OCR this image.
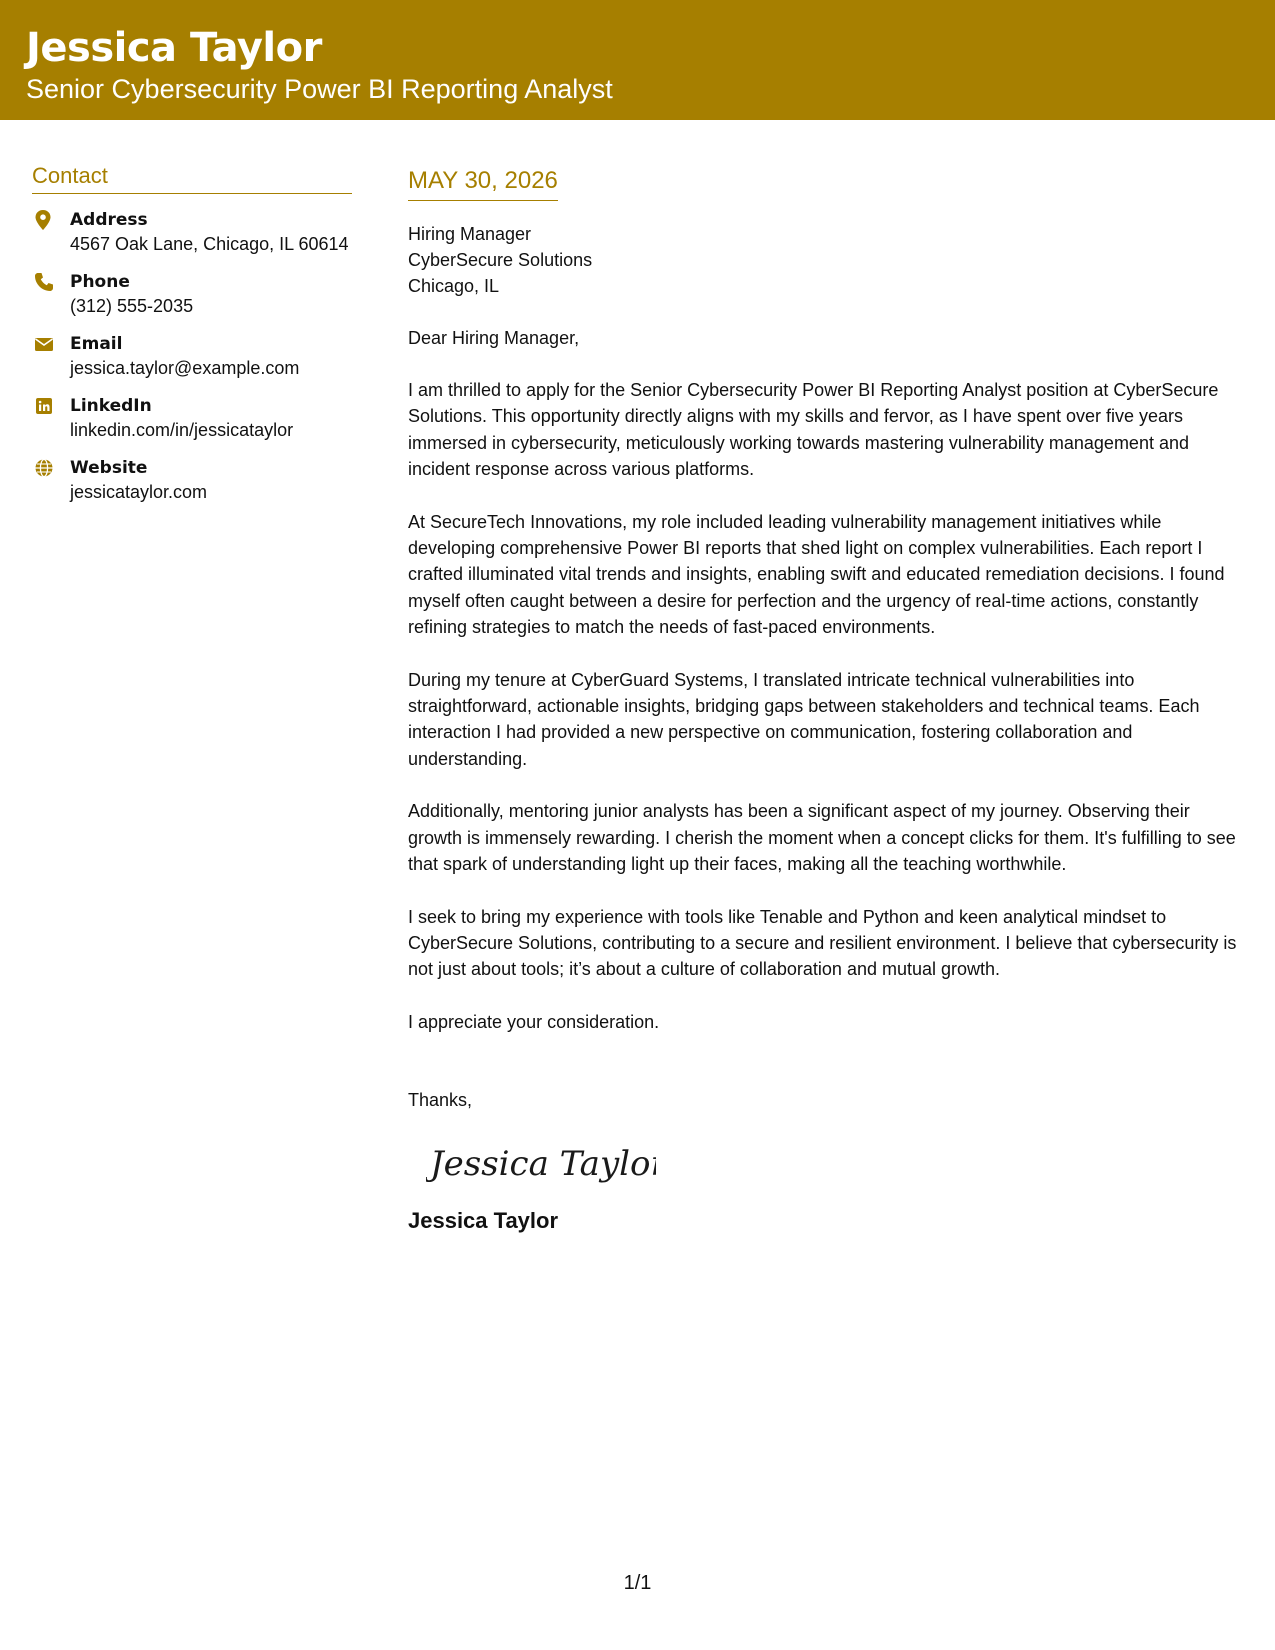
Jessica Taylor
Senior Cybersecurity Power BI Reporting Analyst
Contact
Address
4567 Oak Lane, Chicago, IL 60614
Phone
(312) 555-2035
Email
jessica.taylor@example.com
LinkedIn
linkedin.com/in/jessicataylor
Website
jessicataylor.com
MAY 30, 2026
Hiring Manager
CyberSecure Solutions
Chicago, IL
Dear Hiring Manager,
I am thrilled to apply for the Senior Cybersecurity Power BI Reporting Analyst position at CyberSecure Solutions. This opportunity directly aligns with my skills and fervor, as I have spent over five years immersed in cybersecurity, meticulously working towards mastering vulnerability management and incident response across various platforms.
At SecureTech Innovations, my role included leading vulnerability management initiatives while developing comprehensive Power BI reports that shed light on complex vulnerabilities. Each report I crafted illuminated vital trends and insights, enabling swift and educated remediation decisions. I found myself often caught between a desire for perfection and the urgency of real-time actions, constantly refining strategies to match the needs of fast-paced environments.
During my tenure at CyberGuard Systems, I translated intricate technical vulnerabilities into straightforward, actionable insights, bridging gaps between stakeholders and technical teams. Each interaction I had provided a new perspective on communication, fostering collaboration and understanding.
Additionally, mentoring junior analysts has been a significant aspect of my journey. Observing their growth is immensely rewarding. I cherish the moment when a concept clicks for them. It's fulfilling to see that spark of understanding light up their faces, making all the teaching worthwhile.
I seek to bring my experience with tools like Tenable and Python and keen analytical mindset to CyberSecure Solutions, contributing to a secure and resilient environment. I believe that cybersecurity is not just about tools; it’s about a culture of collaboration and mutual growth.
I appreciate your consideration.
Thanks,
Jessica Taylor
Jessica Taylor
1/1
